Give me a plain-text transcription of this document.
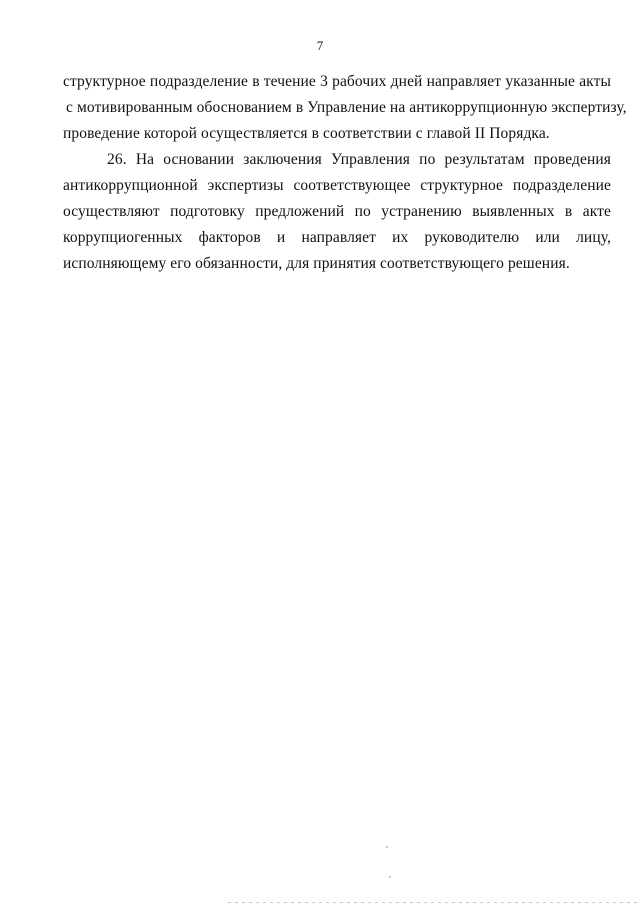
7
структурное подразделение в течение 3 рабочих дней направляет указанные акты
с мотивированным обоснованием в Управление на антикоррупционную экспертизу,
проведение которой осуществляется в соответствии с главой II Порядка.
26. На основании заключения Управления по результатам проведения
антикоррупционной экспертизы соответствующее структурное подразделение
осуществляют подготовку предложений по устранению выявленных в акте
коррупциогенных факторов и направляет их руководителю или лицу,
исполняющему его обязанности, для принятия соответствующего решения.
